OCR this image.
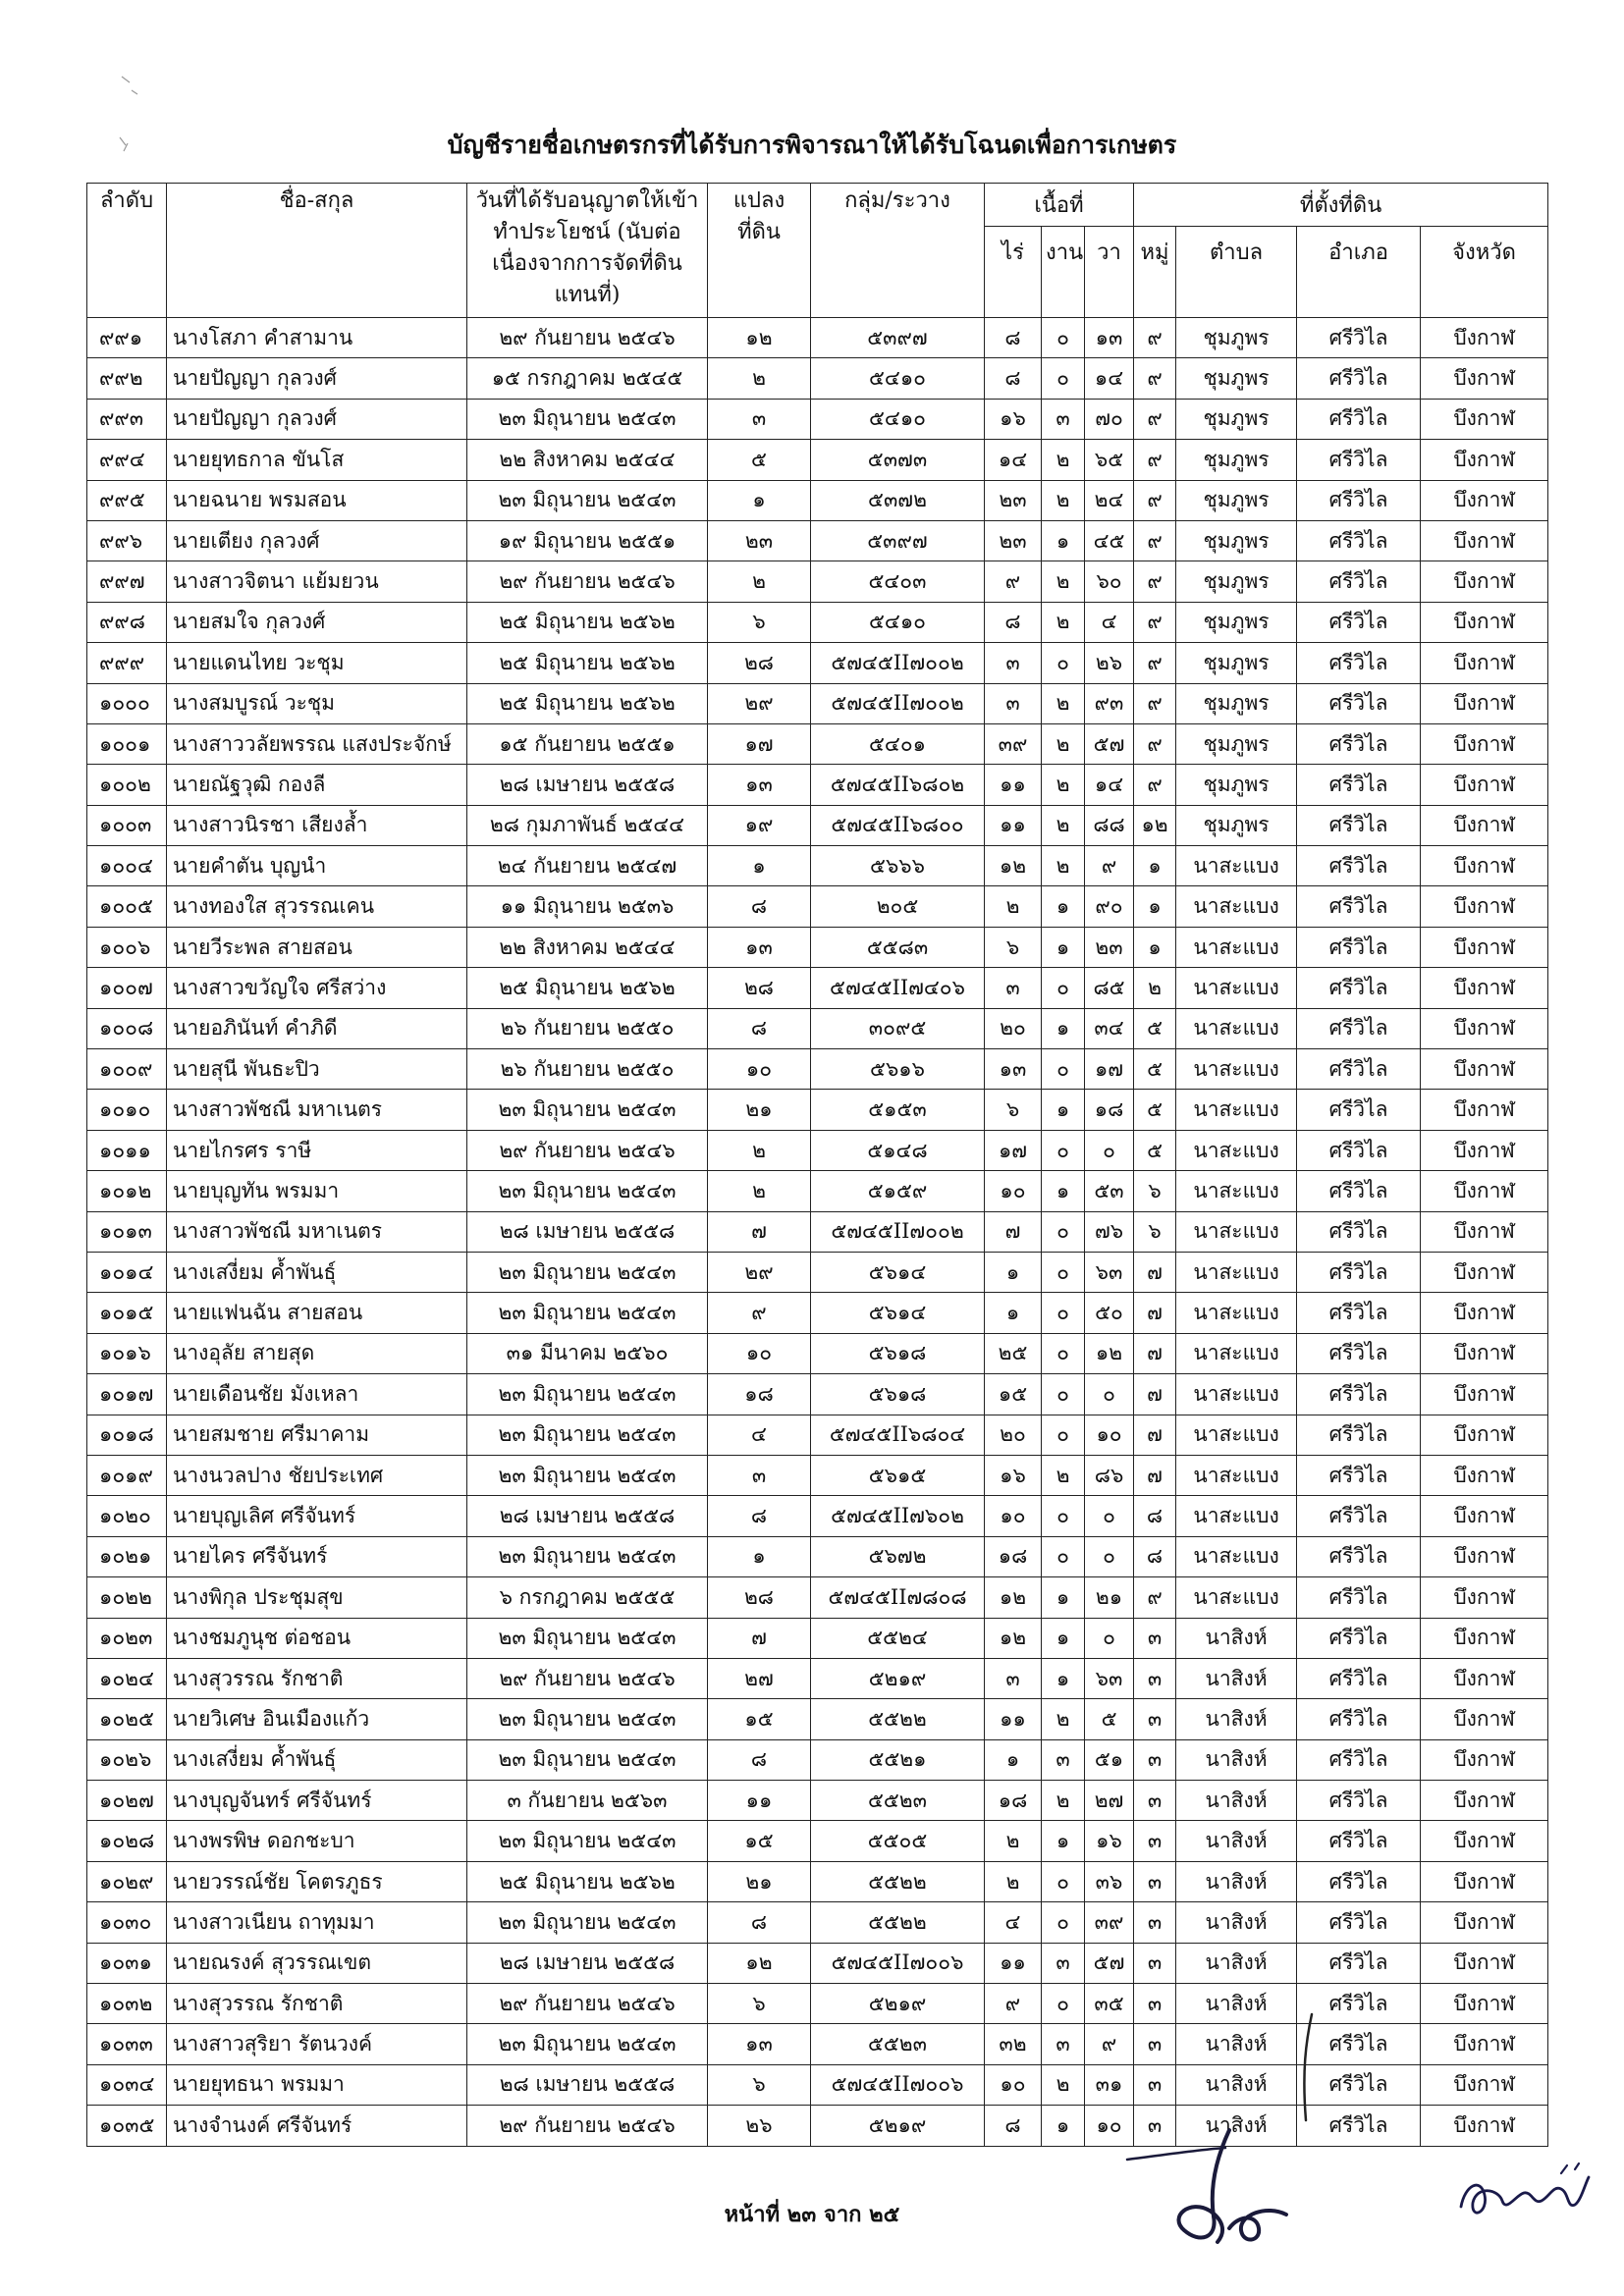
บัญชีรายชื่อเกษตรกรที่ได้รับการพิจารณาให้ได้รับโฉนดเพื่อการเกษตร
ลำดับ	ชื่อ-สกุล	วันที่ได้รับอนุญาตให้เข้าทำประโยชน์ (นับต่อเนื่องจากการจัดที่ดินแทนที่)	แปลงที่ดิน	กลุ่ม/ระวาง	เนื้อที่			ที่ตั้งที่ดิน			
					ไร่	งาน	วา	หมู่	ตำบล	อำเภอ	จังหวัด
๙๙๑	นางโสภา คำสามาน	๒๙ กันยายน ๒๕๔๖	๑๒	๕๓๙๗	๘	๐	๑๓	๙	ชุมภูพร	ศรีวิไล	บึงกาฬ
๙๙๒	นายปัญญา กุลวงศ์	๑๕ กรกฎาคม ๒๕๔๕	๒	๕๔๑๐	๘	๐	๑๔	๙	ชุมภูพร	ศรีวิไล	บึงกาฬ
๙๙๓	นายปัญญา กุลวงศ์	๒๓ มิถุนายน ๒๕๔๓	๓	๕๔๑๐	๑๖	๓	๗๐	๙	ชุมภูพร	ศรีวิไล	บึงกาฬ
๙๙๔	นายยุทธกาล ขันโส	๒๒ สิงหาคม ๒๕๔๔	๕	๕๓๗๓	๑๔	๒	๖๕	๙	ชุมภูพร	ศรีวิไล	บึงกาฬ
๙๙๕	นายฉนาย พรมสอน	๒๓ มิถุนายน ๒๕๔๓	๑	๕๓๗๒	๒๓	๒	๒๔	๙	ชุมภูพร	ศรีวิไล	บึงกาฬ
๙๙๖	นายเตียง กุลวงศ์	๑๙ มิถุนายน ๒๕๕๑	๒๓	๕๓๙๗	๒๓	๑	๔๕	๙	ชุมภูพร	ศรีวิไล	บึงกาฬ
๙๙๗	นางสาวจิตนา แย้มยวน	๒๙ กันยายน ๒๕๔๖	๒	๕๔๐๓	๙	๒	๖๐	๙	ชุมภูพร	ศรีวิไล	บึงกาฬ
๙๙๘	นายสมใจ กุลวงศ์	๒๕ มิถุนายน ๒๕๖๒	๖	๕๔๑๐	๘	๒	๔	๙	ชุมภูพร	ศรีวิไล	บึงกาฬ
๙๙๙	นายแดนไทย วะชุม	๒๕ มิถุนายน ๒๕๖๒	๒๘	๕๗๔๕II๗๐๐๒	๓	๐	๒๖	๙	ชุมภูพร	ศรีวิไล	บึงกาฬ
๑๐๐๐	นางสมบูรณ์ วะชุม	๒๕ มิถุนายน ๒๕๖๒	๒๙	๕๗๔๕II๗๐๐๒	๓	๒	๙๓	๙	ชุมภูพร	ศรีวิไล	บึงกาฬ
๑๐๐๑	นางสาววลัยพรรณ แสงประจักษ์	๑๕ กันยายน ๒๕๕๑	๑๗	๕๔๐๑	๓๙	๒	๕๗	๙	ชุมภูพร	ศรีวิไล	บึงกาฬ
๑๐๐๒	นายณัฐวุฒิ กองลี	๒๘ เมษายน ๒๕๕๘	๑๓	๕๗๔๕II๖๘๐๒	๑๑	๒	๑๔	๙	ชุมภูพร	ศรีวิไล	บึงกาฬ
๑๐๐๓	นางสาวนิรชา เสียงล้ำ	๒๘ กุมภาพันธ์ ๒๕๔๔	๑๙	๕๗๔๕II๖๘๐๐	๑๑	๒	๘๘	๑๒	ชุมภูพร	ศรีวิไล	บึงกาฬ
๑๐๐๔	นายคำตัน บุญนำ	๒๔ กันยายน ๒๕๔๗	๑	๕๖๖๖	๑๒	๒	๙	๑	นาสะแบง	ศรีวิไล	บึงกาฬ
๑๐๐๕	นางทองใส สุวรรณเคน	๑๑ มิถุนายน ๒๕๓๖	๘	๒๐๕	๒	๑	๙๐	๑	นาสะแบง	ศรีวิไล	บึงกาฬ
๑๐๐๖	นายวีระพล สายสอน	๒๒ สิงหาคม ๒๕๔๔	๑๓	๕๕๘๓	๖	๑	๒๓	๑	นาสะแบง	ศรีวิไล	บึงกาฬ
๑๐๐๗	นางสาวขวัญใจ ศรีสว่าง	๒๕ มิถุนายน ๒๕๖๒	๒๘	๕๗๔๕II๗๔๐๖	๓	๐	๘๕	๒	นาสะแบง	ศรีวิไล	บึงกาฬ
๑๐๐๘	นายอภินันท์ คำภิดี	๒๖ กันยายน ๒๕๕๐	๘	๓๐๙๕	๒๐	๑	๓๔	๕	นาสะแบง	ศรีวิไล	บึงกาฬ
๑๐๐๙	นายสุนี พันธะปิว	๒๖ กันยายน ๒๕๕๐	๑๐	๕๖๑๖	๑๓	๐	๑๗	๕	นาสะแบง	ศรีวิไล	บึงกาฬ
๑๐๑๐	นางสาวพัชณี มหาเนตร	๒๓ มิถุนายน ๒๕๔๓	๒๑	๕๑๕๓	๖	๑	๑๘	๕	นาสะแบง	ศรีวิไล	บึงกาฬ
๑๐๑๑	นายไกรศร ราษี	๒๙ กันยายน ๒๕๔๖	๒	๕๑๔๘	๑๗	๐	๐	๕	นาสะแบง	ศรีวิไล	บึงกาฬ
๑๐๑๒	นายบุญทัน พรมมา	๒๓ มิถุนายน ๒๕๔๓	๒	๕๑๕๙	๑๐	๑	๕๓	๖	นาสะแบง	ศรีวิไล	บึงกาฬ
๑๐๑๓	นางสาวพัชณี มหาเนตร	๒๘ เมษายน ๒๕๕๘	๗	๕๗๔๕II๗๐๐๒	๗	๐	๗๖	๖	นาสะแบง	ศรีวิไล	บึงกาฬ
๑๐๑๔	นางเสงี่ยม ค้ำพันธุ์	๒๓ มิถุนายน ๒๕๔๓	๒๙	๕๖๑๔	๑	๐	๖๓	๗	นาสะแบง	ศรีวิไล	บึงกาฬ
๑๐๑๕	นายแฟนฉัน สายสอน	๒๓ มิถุนายน ๒๕๔๓	๙	๕๖๑๔	๑	๐	๕๐	๗	นาสะแบง	ศรีวิไล	บึงกาฬ
๑๐๑๖	นางอุลัย สายสุด	๓๑ มีนาคม ๒๕๖๐	๑๐	๕๖๑๘	๒๕	๐	๑๒	๗	นาสะแบง	ศรีวิไล	บึงกาฬ
๑๐๑๗	นายเดือนชัย มังเหลา	๒๓ มิถุนายน ๒๕๔๓	๑๘	๕๖๑๘	๑๕	๐	๐	๗	นาสะแบง	ศรีวิไล	บึงกาฬ
๑๐๑๘	นายสมชาย ศรีมาคาม	๒๓ มิถุนายน ๒๕๔๓	๔	๕๗๔๕II๖๘๐๔	๒๐	๐	๑๐	๗	นาสะแบง	ศรีวิไล	บึงกาฬ
๑๐๑๙	นางนวลปาง ชัยประเทศ	๒๓ มิถุนายน ๒๕๔๓	๓	๕๖๑๕	๑๖	๒	๘๖	๗	นาสะแบง	ศรีวิไล	บึงกาฬ
๑๐๒๐	นายบุญเลิศ ศรีจันทร์	๒๘ เมษายน ๒๕๕๘	๘	๕๗๔๕II๗๖๐๒	๑๐	๐	๐	๘	นาสะแบง	ศรีวิไล	บึงกาฬ
๑๐๒๑	นายไคร ศรีจันทร์	๒๓ มิถุนายน ๒๕๔๓	๑	๕๖๗๒	๑๘	๐	๐	๘	นาสะแบง	ศรีวิไล	บึงกาฬ
๑๐๒๒	นางพิกุล ประชุมสุข	๖ กรกฎาคม ๒๕๕๕	๒๘	๕๗๔๕II๗๘๐๘	๑๒	๑	๒๑	๙	นาสะแบง	ศรีวิไล	บึงกาฬ
๑๐๒๓	นางชมภูนุช ต่อชอน	๒๓ มิถุนายน ๒๕๔๓	๗	๕๕๒๔	๑๒	๑	๐	๓	นาสิงห์	ศรีวิไล	บึงกาฬ
๑๐๒๔	นางสุวรรณ รักชาติ	๒๙ กันยายน ๒๕๔๖	๒๗	๕๒๑๙	๓	๑	๖๓	๓	นาสิงห์	ศรีวิไล	บึงกาฬ
๑๐๒๕	นายวิเศษ อินเมืองแก้ว	๒๓ มิถุนายน ๒๕๔๓	๑๕	๕๕๒๒	๑๑	๒	๕	๓	นาสิงห์	ศรีวิไล	บึงกาฬ
๑๐๒๖	นางเสงี่ยม ค้ำพันธุ์	๒๓ มิถุนายน ๒๕๔๓	๘	๕๕๒๑	๑	๓	๕๑	๓	นาสิงห์	ศรีวิไล	บึงกาฬ
๑๐๒๗	นางบุญจันทร์ ศรีจันทร์	๓ กันยายน ๒๕๖๓	๑๑	๕๕๒๓	๑๘	๒	๒๗	๓	นาสิงห์	ศรีวิไล	บึงกาฬ
๑๐๒๘	นางพรพิษ ดอกชะบา	๒๓ มิถุนายน ๒๕๔๓	๑๕	๕๕๐๕	๒	๑	๑๖	๓	นาสิงห์	ศรีวิไล	บึงกาฬ
๑๐๒๙	นายวรรณ์ชัย โคตรภูธร	๒๕ มิถุนายน ๒๕๖๒	๒๑	๕๕๒๒	๒	๐	๓๖	๓	นาสิงห์	ศรีวิไล	บึงกาฬ
๑๐๓๐	นางสาวเนียน ถาทุมมา	๒๓ มิถุนายน ๒๕๔๓	๘	๕๕๒๒	๔	๐	๓๙	๓	นาสิงห์	ศรีวิไล	บึงกาฬ
๑๐๓๑	นายณรงค์ สุวรรณเขต	๒๘ เมษายน ๒๕๕๘	๑๒	๕๗๔๕II๗๐๐๖	๑๑	๓	๕๗	๓	นาสิงห์	ศรีวิไล	บึงกาฬ
๑๐๓๒	นางสุวรรณ รักชาติ	๒๙ กันยายน ๒๕๔๖	๖	๕๒๑๙	๙	๐	๓๕	๓	นาสิงห์	ศรีวิไล	บึงกาฬ
๑๐๓๓	นางสาวสุริยา รัตนวงค์	๒๓ มิถุนายน ๒๕๔๓	๑๓	๕๕๒๓	๓๒	๓	๙	๓	นาสิงห์	ศรีวิไล	บึงกาฬ
๑๐๓๔	นายยุทธนา พรมมา	๒๘ เมษายน ๒๕๕๘	๖	๕๗๔๕II๗๐๐๖	๑๐	๒	๓๑	๓	นาสิงห์	ศรีวิไล	บึงกาฬ
๑๐๓๕	นางจำนงค์ ศรีจันทร์	๒๙ กันยายน ๒๕๔๖	๒๖	๕๒๑๙	๘	๑	๑๐	๓	นาสิงห์	ศรีวิไล	บึงกาฬ
หน้าที่ ๒๓ จาก ๒๕
